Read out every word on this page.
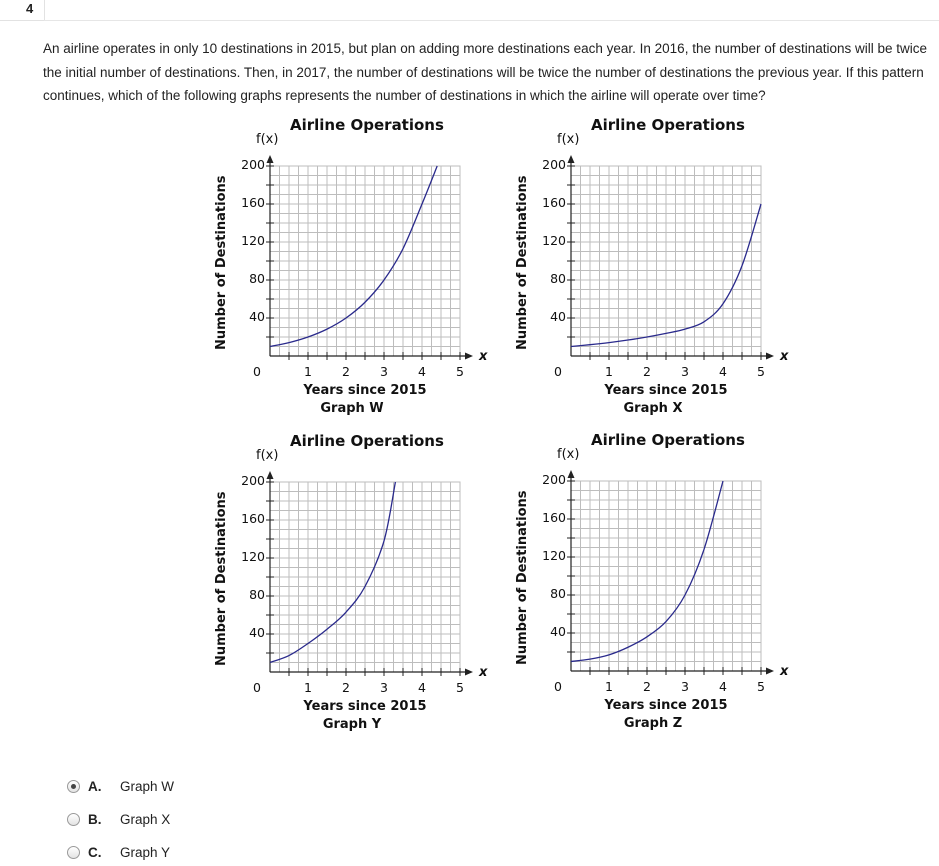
4
An airline operates in only 10 destinations in 2015, but plan on adding more destinations each year. In 2016, the number of destinations will be twice
the initial number of destinations. Then, in 2017, the number of destinations will be twice the number of destinations the previous year. If this pattern
continues, which of the following graphs represents the number of destinations in which the airline will operate over time?
Airline Operations
f(x)
Number of Destinations
200
160
120
80
40
0	1	2	3	4	5
x
Years since 2015
Graph W
Airline Operations
f(x)
Number of Destinations
200
160
120
80
40
0	1	2	3	4	5
x
Years since 2015
Graph X
Airline Operations
f(x)
Number of Destinations
200
160
120
80
40
0	1	2	3	4	5
x
Years since 2015
Graph Y
Airline Operations
f(x)
Number of Destinations
200
160
120
80
40
0	1	2	3	4	5
x
Years since 2015
Graph Z
A. Graph W
B. Graph X
C. Graph Y
